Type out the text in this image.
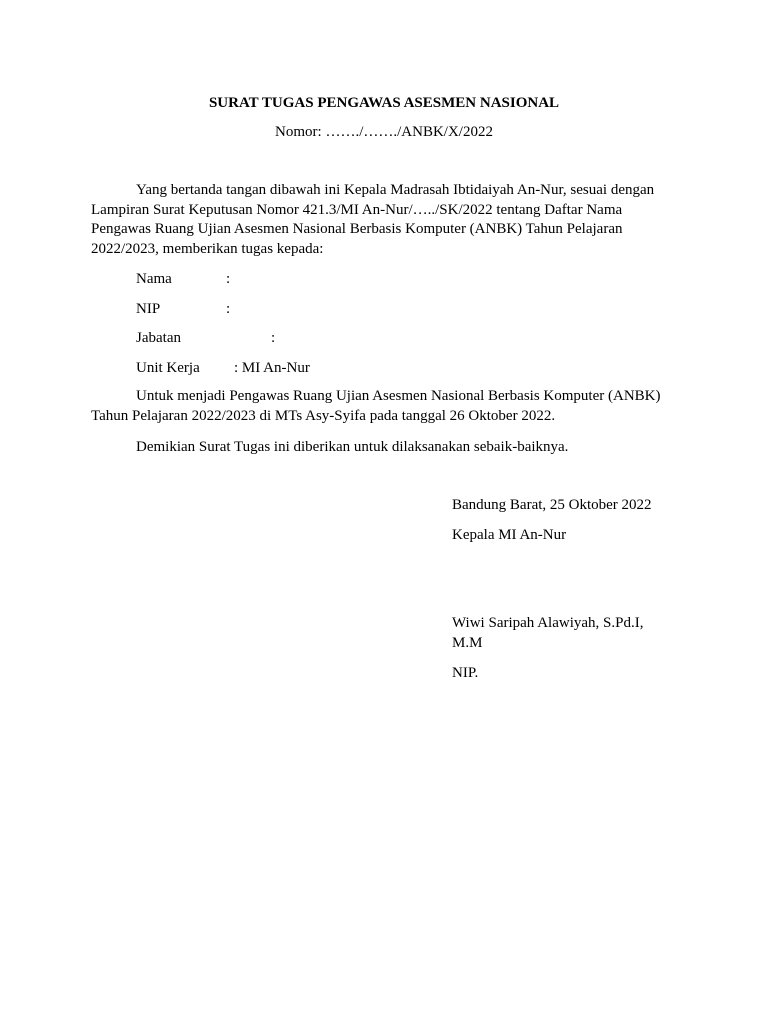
SURAT TUGAS PENGAWAS ASESMEN NASIONAL
Nomor: ……./……./ANBK/X/2022

Yang bertanda tangan dibawah ini Kepala Madrasah Ibtidaiyah An-Nur, sesuai dengan Lampiran Surat Keputusan Nomor 421.3/MI An-Nur/…../SK/2022 tentang Daftar Nama Pengawas Ruang Ujian Asesmen Nasional Berbasis Komputer (ANBK) Tahun Pelajaran 2022/2023, memberikan tugas kepada:

Nama	:
NIP	:
Jabatan	:
Unit Kerja : MI An-Nur

Untuk menjadi Pengawas Ruang Ujian Asesmen Nasional Berbasis Komputer (ANBK) Tahun Pelajaran 2022/2023 di MTs Asy-Syifa pada tanggal 26 Oktober 2022.

Demikian Surat Tugas ini diberikan untuk dilaksanakan sebaik-baiknya.

Bandung Barat, 25 Oktober 2022
Kepala MI An-Nur
Wiwi Saripah Alawiyah, S.Pd.I, M.M
NIP.
